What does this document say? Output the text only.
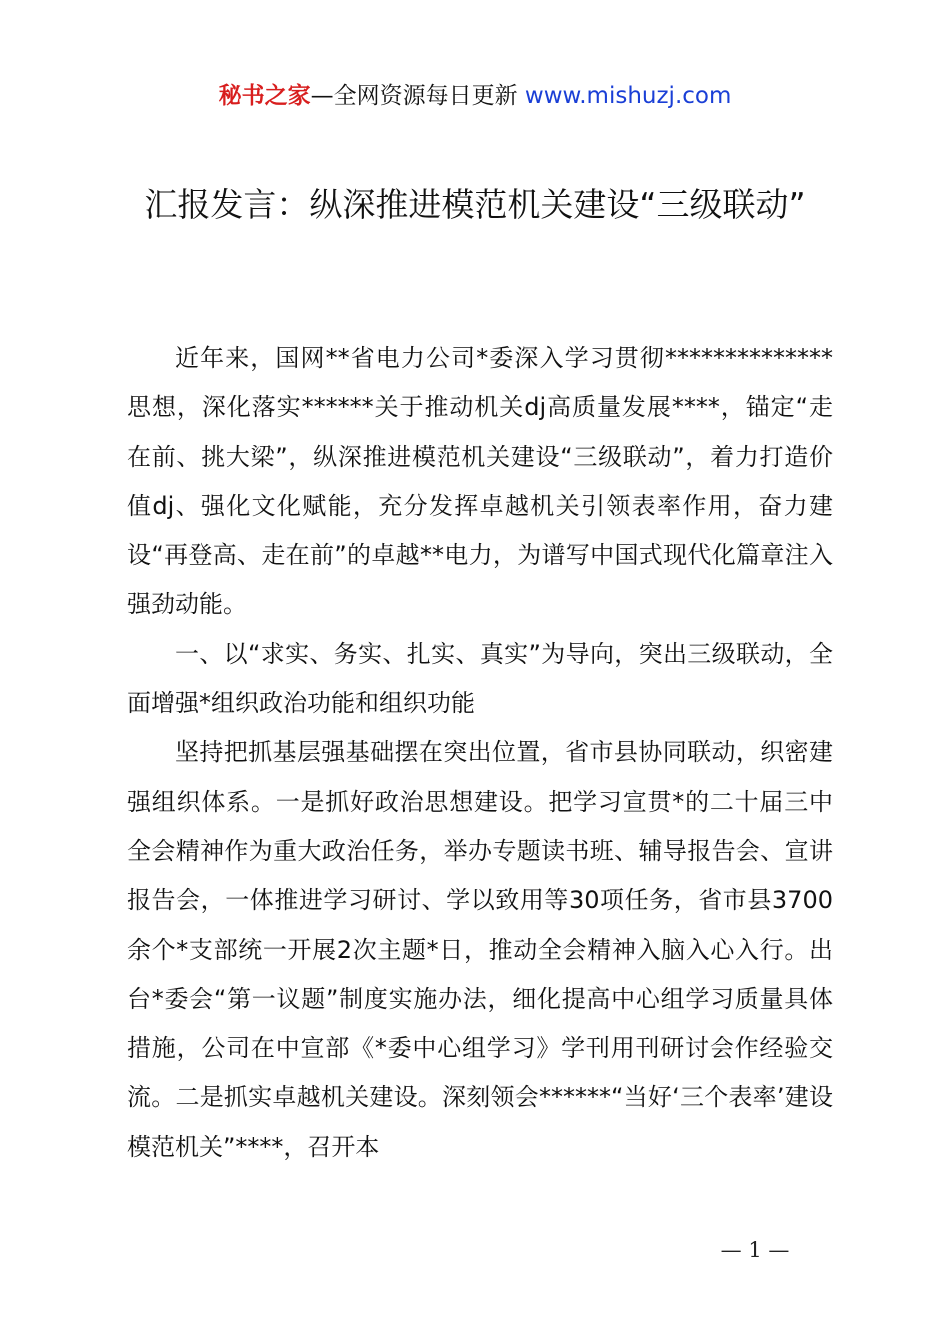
秘书之家—全网资源每日更新 www.mishuzj.com
汇报发言：纵深推进模范机关建设“三级联动”

近年来，国网**省电力公司*委深入学习贯彻**************思想，深化落实******关于推动机关dj高质量发展****，锚定“走在前、挑大梁”，纵深推进模范机关建设“三级联动”，着力打造价值dj、强化文化赋能，充分发挥卓越机关引领表率作用，奋力建设“再登高、走在前”的卓越**电力，为谱写中国式现代化篇章注入强劲动能。

一、以“求实、务实、扎实、真实”为导向，突出三级联动，全面增强*组织政治功能和组织功能

坚持把抓基层强基础摆在突出位置，省市县协同联动，织密建强组织体系。一是抓好政治思想建设。把学习宣贯*的二十届三中全会精神作为重大政治任务，举办专题读书班、辅导报告会、宣讲报告会，一体推进学习研讨、学以致用等30项任务，省市县3700余个*支部统一开展2次主题*日，推动全会精神入脑入心入行。出台*委会“第一议题”制度实施办法，细化提高中心组学习质量具体措施，公司在中宣部《*委中心组学习》学刊用刊研讨会作经验交流。二是抓实卓越机关建设。深刻领会******“当好‘三个表率’建设模范机关”****，召开本

— 1 —
